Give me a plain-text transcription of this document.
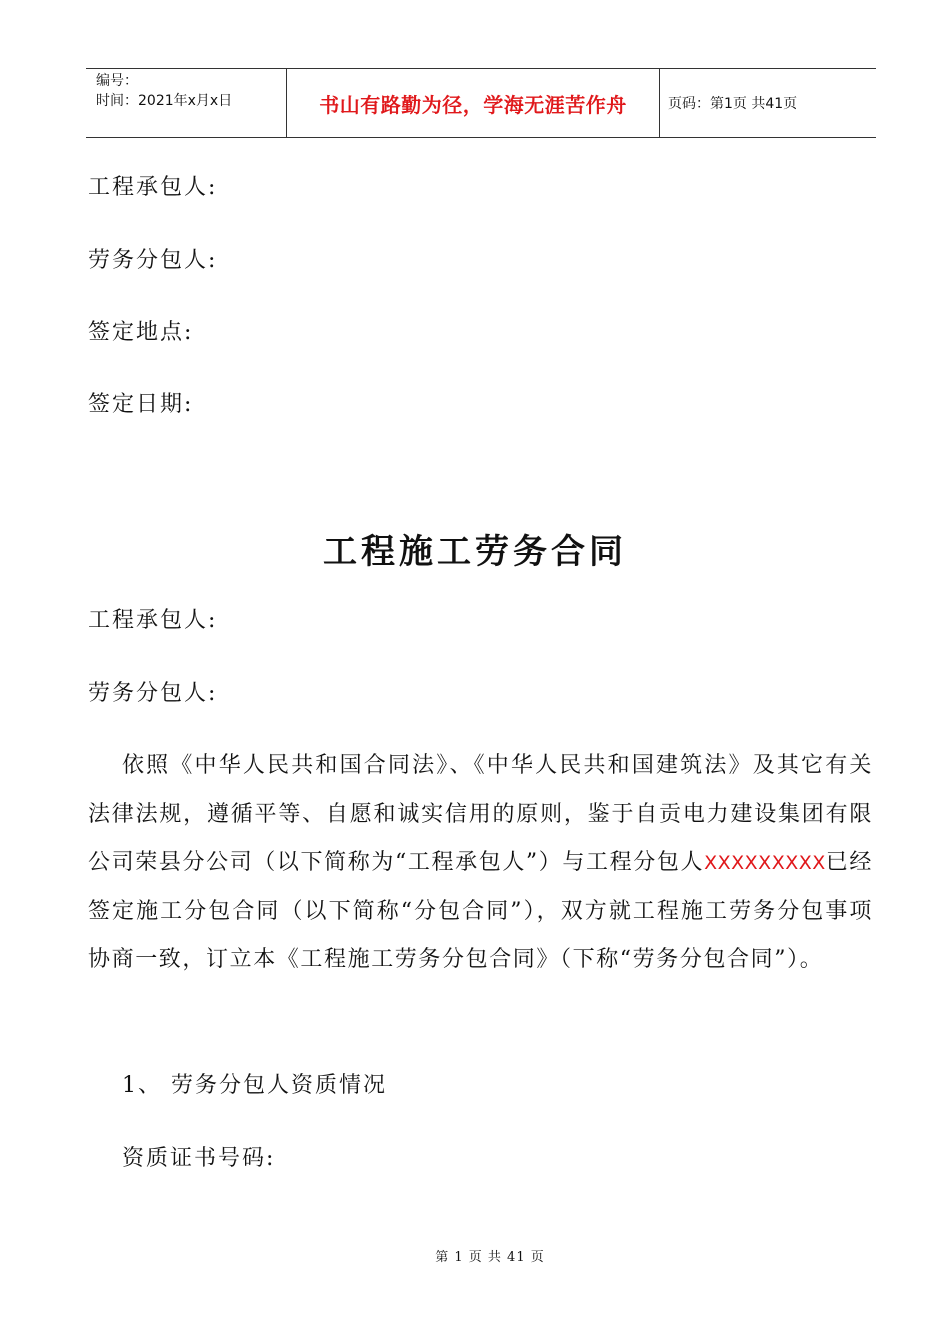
编号：
时间：2021年x月x日	书山有路勤为径，学海无涯苦作舟	页码：第1页 共41页
工程承包人:
劳务分包人:
签定地点:
签定日期:
工程施工劳务合同
工程承包人:
劳务分包人:
依照《中华人民共和国合同法》、《中华人民共和国建筑法》及其它有关法律法规，遵循平等、自愿和诚实信用的原则，鉴于自贡电力建设集团有限公司荣县分公司（以下简称为“工程承包人”）与工程分包人XXXXXXXXX已经签定施工分包合同（以下简称“分包合同”），双方就工程施工劳务分包事项协商一致，订立本《工程施工劳务分包合同》（下称“劳务分包合同”）。
1、 劳务分包人资质情况
资质证书号码:
第 1 页 共 41 页
